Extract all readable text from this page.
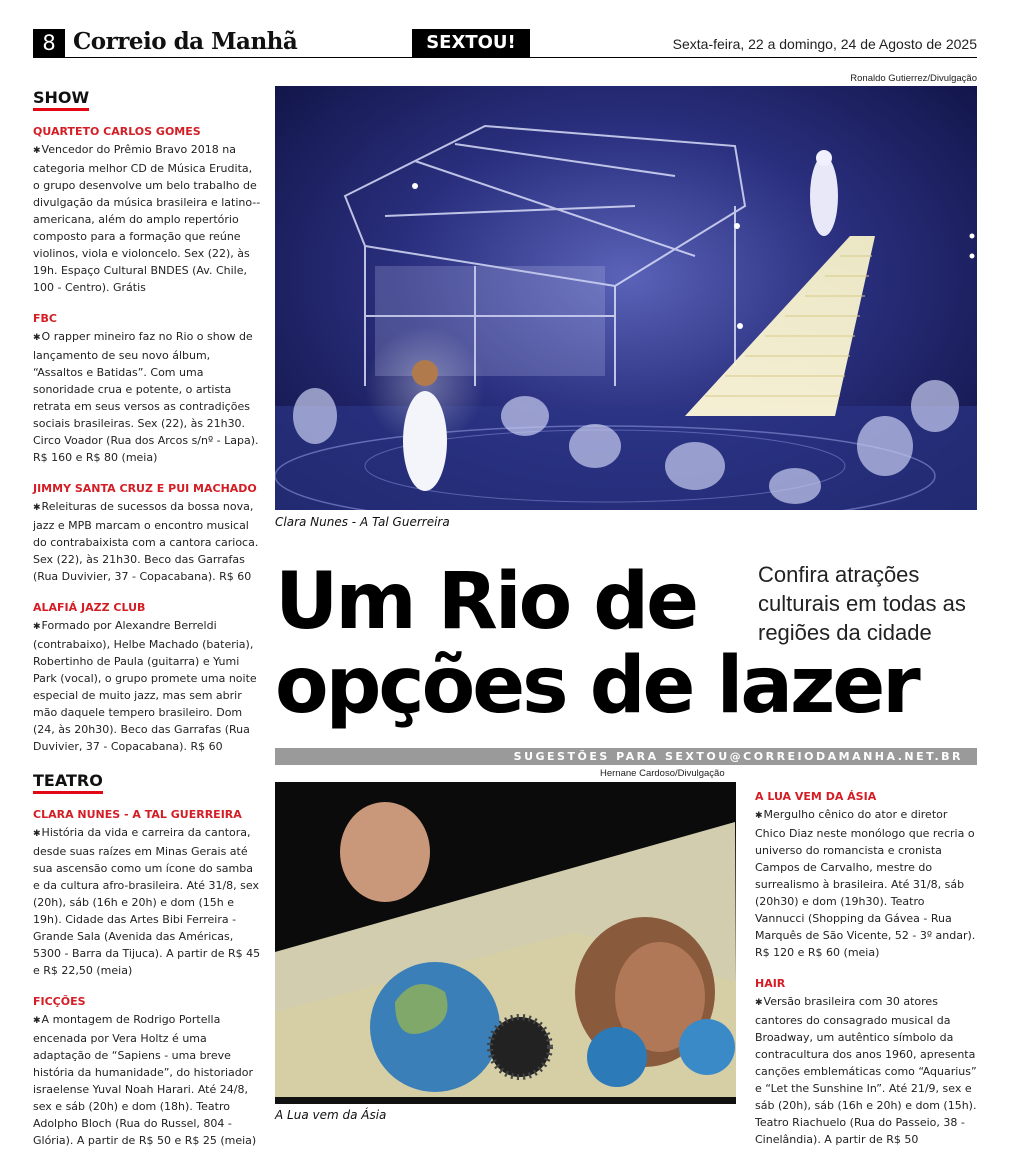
8 Correio da Manhã	SEXTOU!	Sexta-feira, 22 a domingo, 24 de Agosto de 2025
SHOW
QUARTETO CARLOS GOMES
✱ Vencedor do Prêmio Bravo 2018 na categoria melhor CD de Música Erudita, o grupo desenvolve um belo trabalho de divulgação da música brasileira e latino--americana, além do amplo repertório composto para a formação que reúne violinos, viola e violoncelo. Sex (22), às 19h. Espaço Cultural BNDES (Av. Chile, 100 - Centro). Grátis
FBC
✱ O rapper mineiro faz no Rio o show de lançamento de seu novo álbum, “Assaltos e Batidas”. Com uma sonoridade crua e potente, o artista retrata em seus versos as contradições sociais brasileiras. Sex (22), às 21h30. Circo Voador (Rua dos Arcos s/nº - Lapa). R$ 160 e R$ 80 (meia)
JIMMY SANTA CRUZ E PUI MACHADO
✱ Releituras de sucessos da bossa nova, jazz e MPB marcam o encontro musical do contrabaixista com a cantora carioca. Sex (22), às 21h30. Beco das Garrafas (Rua Duvivier, 37 - Copacabana). R$ 60
ALAFIÁ JAZZ CLUB
✱ Formado por Alexandre Berreldi (contrabaixo), Helbe Machado (bateria), Robertinho de Paula (guitarra) e Yumi Park (vocal), o grupo promete uma noite especial de muito jazz, mas sem abrir mão daquele tempero brasileiro. Dom (24, às 20h30). Beco das Garrafas (Rua Duvivier, 37 - Copacabana). R$ 60
TEATRO
CLARA NUNES - A TAL GUERREIRA
✱ História da vida e carreira da cantora, desde suas raízes em Minas Gerais até sua ascensão como um ícone do samba e da cultura afro-brasileira. Até 31/8, sex (20h), sáb (16h e 20h) e dom (15h e 19h). Cidade das Artes Bibi Ferreira - Grande Sala (Avenida das Américas, 5300 - Barra da Tijuca). A partir de R$ 45 e R$ 22,50 (meia)
FICÇÕES
✱ A montagem de Rodrigo Portella encenada por Vera Holtz é uma adaptação de “Sapiens - uma breve história da humanidade”, do historiador israelense Yuval Noah Harari. Até 24/8, sex e sáb (20h) e dom (18h). Teatro Adolpho Bloch (Rua do Russel, 804 - Glória). A partir de R$ 50 e R$ 25 (meia)
Ronaldo Gutierrez/Divulgação
Clara Nunes - A Tal Guerreira
Um Rio de
opções de lazer
Confira atrações culturais em todas as regiões da cidade
SUGESTÕES PARA SEXTOU@CORREIODAMANHA.NET.BR
Hernane Cardoso/Divulgação
A Lua vem da Ásia
A LUA VEM DA ÁSIA
✱ Mergulho cênico do ator e diretor Chico Diaz neste monólogo que recria o universo do romancista e cronista Campos de Carvalho, mestre do surrealismo à brasileira. Até 31/8, sáb (20h30) e dom (19h30). Teatro Vannucci (Shopping da Gávea - Rua Marquês de São Vicente, 52 - 3º andar). R$ 120 e R$ 60 (meia)
HAIR
✱ Versão brasileira com 30 atores cantores do consagrado musical da Broadway, um autêntico símbolo da contracultura dos anos 1960, apresenta canções emblemáticas como “Aquarius” e “Let the Sunshine In”. Até 21/9, sex e sáb (20h), sáb (16h e 20h) e dom (15h). Teatro Riachuelo (Rua do Passeio, 38 - Cinelândia). A partir de R$ 50
